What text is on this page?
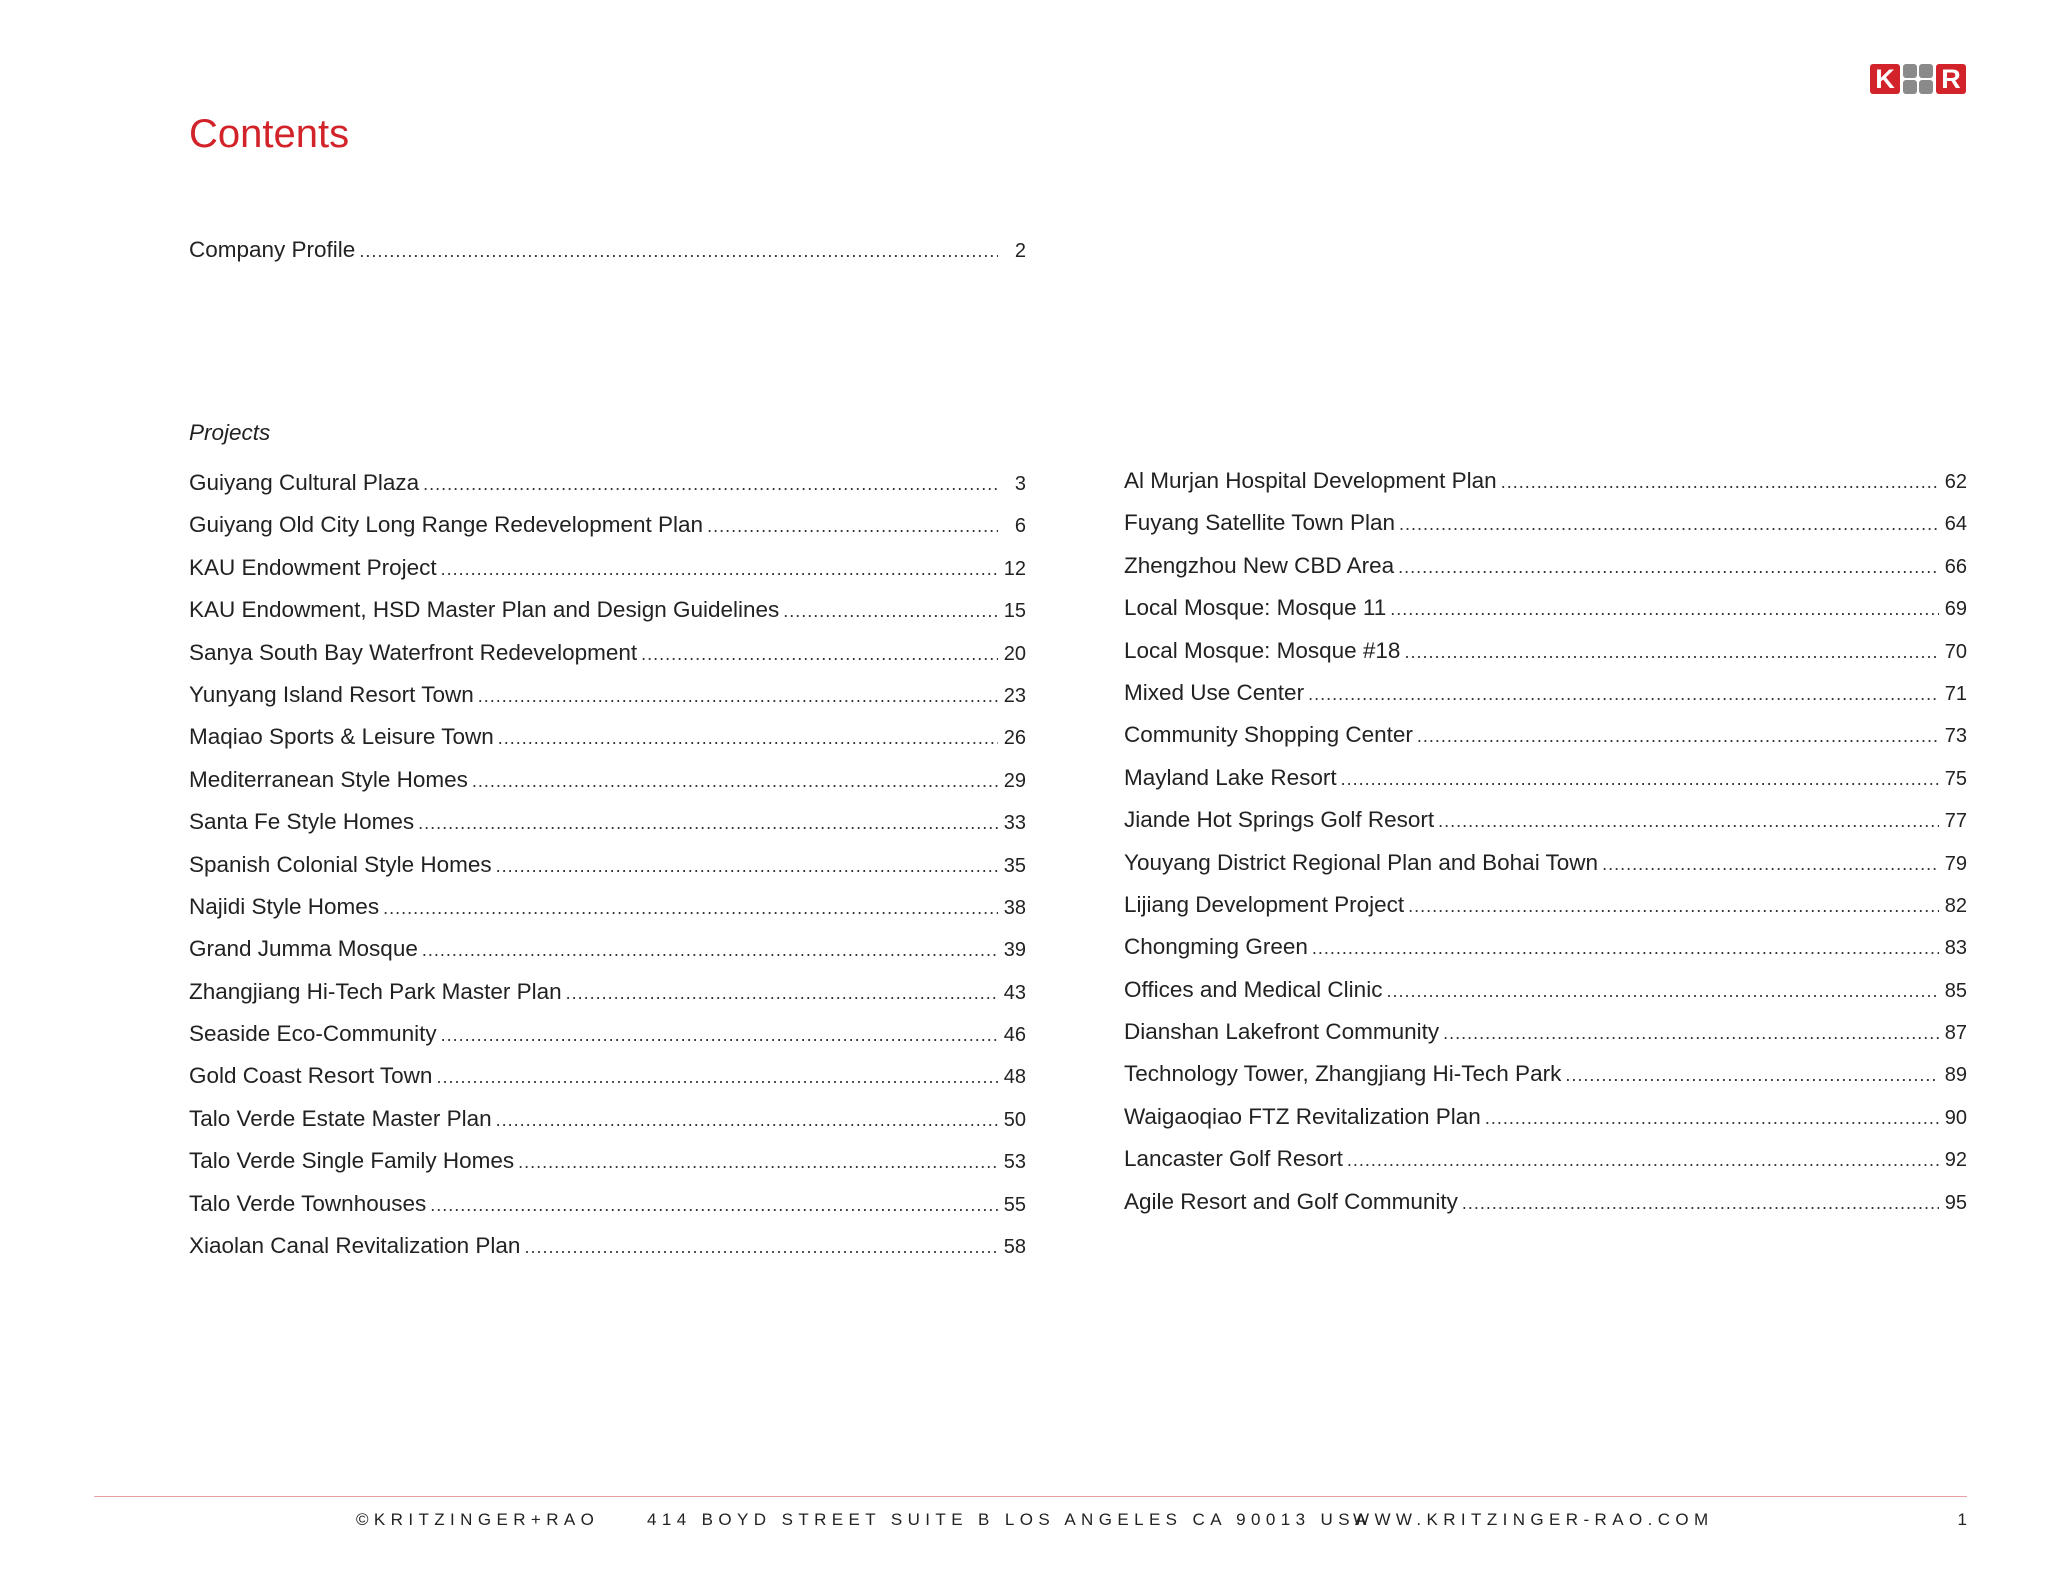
K R
Contents
Company Profile .....	2
Projects
Guiyang Cultural Plaza .....	3
Guiyang Old City Long Range Redevelopment Plan .....	6
KAU Endowment Project .....	12
KAU Endowment, HSD Master Plan and Design Guidelines .....	15
Sanya South Bay Waterfront Redevelopment .....	20
Yunyang Island Resort Town .....	23
Maqiao Sports & Leisure Town .....	26
Mediterranean Style Homes .....	29
Santa Fe Style Homes .....	33
Spanish Colonial Style Homes .....	35
Najidi Style Homes .....	38
Grand Jumma Mosque .....	39
Zhangjiang Hi-Tech Park Master Plan .....	43
Seaside Eco-Community .....	46
Gold Coast Resort Town .....	48
Talo Verde Estate Master Plan .....	50
Talo Verde Single Family Homes .....	53
Talo Verde Townhouses .....	55
Xiaolan Canal Revitalization Plan .....	58
Al Murjan Hospital Development Plan .....	62
Fuyang Satellite Town Plan .....	64
Zhengzhou New CBD Area .....	66
Local Mosque: Mosque 11 .....	69
Local Mosque: Mosque #18 .....	70
Mixed Use Center .....	71
Community Shopping Center .....	73
Mayland Lake Resort .....	75
Jiande Hot Springs Golf Resort .....	77
Youyang District Regional Plan and Bohai Town .....	79
Lijiang Development Project .....	82
Chongming Green .....	83
Offices and Medical Clinic .....	85
Dianshan Lakefront Community .....	87
Technology Tower, Zhangjiang Hi-Tech Park .....	89
Waigaoqiao FTZ Revitalization Plan .....	90
Lancaster Golf Resort .....	92
Agile Resort and Golf Community .....	95
©KRITZINGER+RAO	414 BOYD STREET SUITE B LOS ANGELES CA 90013 USA
WWW.KRITZINGER-RAO.COM	1
